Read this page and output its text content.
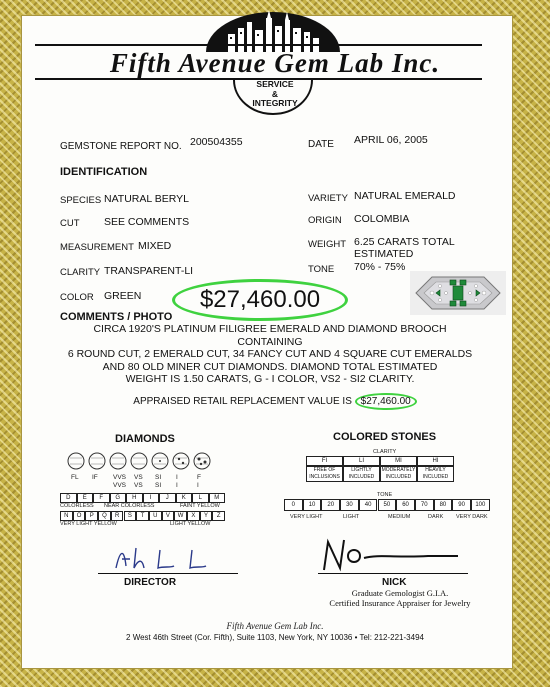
Fifth Avenue Gem Lab Inc.
SERVICE
&
INTEGRITY
GEMSTONE REPORT NO. 200504355	DATE APRIL 06, 2005
IDENTIFICATION
SPECIES NATURAL BERYL
CUT SEE COMMENTS
MEASUREMENT MIXED
CLARITY TRANSPARENT-LI
COLOR GREEN
VARIETY NATURAL EMERALD
ORIGIN COLOMBIA
WEIGHT 6.25 CARATS TOTAL
ESTIMATED
TONE 70% - 75%
$27,460.00
COMMENTS / PHOTO
CIRCA 1920'S PLATINUM FILIGREE EMERALD AND DIAMOND BROOCH CONTAINING
6 ROUND CUT, 2 EMERALD CUT, 34 FANCY CUT AND 4 SQUARE CUT EMERALDS
AND 80 OLD MINER CUT DIAMONDS. DIAMOND TOTAL ESTIMATED
WEIGHT IS 1.50 CARATS, G - I COLOR, VS2 - SI2 CLARITY.
APPRAISED RETAIL REPLACEMENT VALUE IS $27,460.00
DIAMONDS
FL IF VVS VS SI I	F
VVS VS SI I	I
D	E	F	G	H	I	J	K	L	M
N	O	P	Q	R	S	T	U	V	W	X	Y	Z
COLORLESS NEAR COLORLESS	FAINT YELLOW
VERY LIGHT YELLOW	LIGHT YELLOW
COLORED STONES
CLARITY
FI	LI	MI	HI
FREE OF INCLUSIONS
LIGHTLY INCLUDED
MODERATELY INCLUDED
HEAVILY INCLUDED
TONE
0	10	20	30	40	50	60	70	80	90	100
VERY LIGHT	LIGHT	MEDIUM	DARK VERY DARK
DIRECTOR	NICK
Graduate Gemologist G.I.A.
Certified Insurance Appraiser for Jewelry
Fifth Avenue Gem Lab Inc.
2 West 46th Street (Cor. Fifth), Suite 1103, New York, NY 10036 • Tel: 212-221-3494
